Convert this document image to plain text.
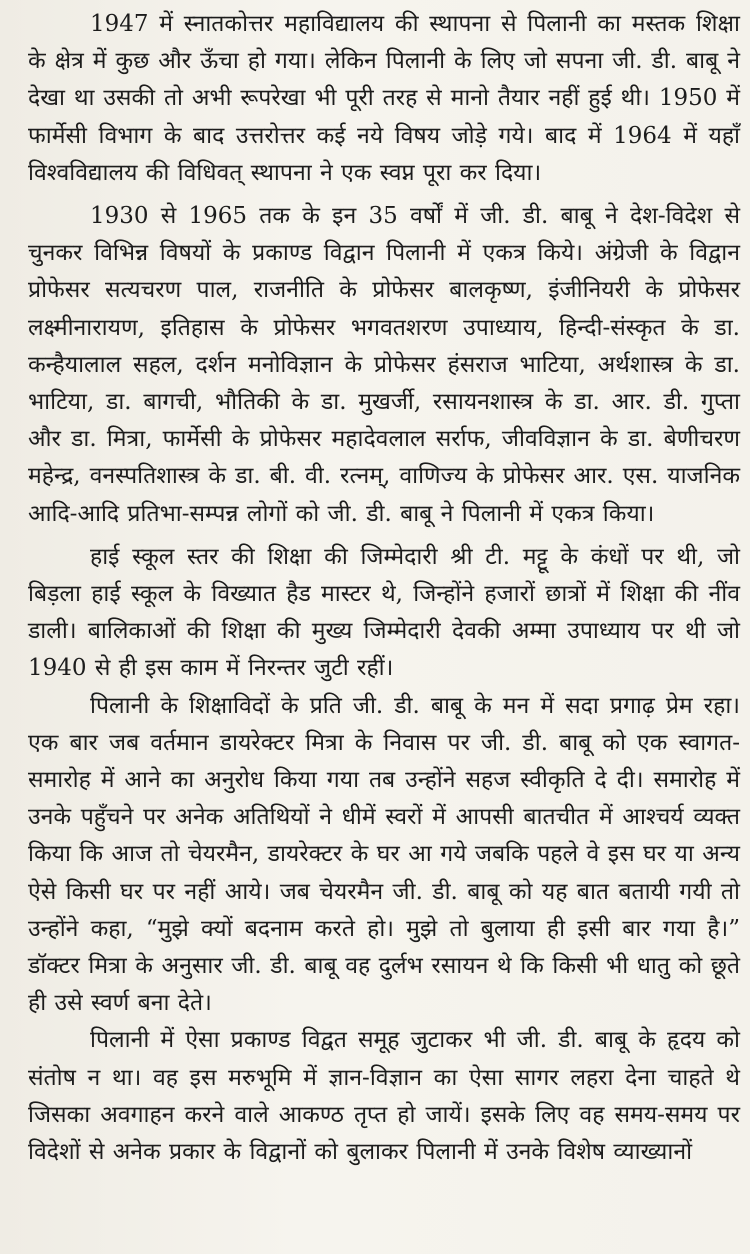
1947 में स्नातकोत्तर महाविद्यालय की स्थापना से पिलानी का मस्तक शिक्षा के क्षेत्र में कुछ और ऊँचा हो गया। लेकिन पिलानी के लिए जो सपना जी. डी. बाबू ने देखा था उसकी तो अभी रूपरेखा भी पूरी तरह से मानो तैयार नहीं हुई थी। 1950 में फार्मेसी विभाग के बाद उत्तरोत्तर कई नये विषय जोड़े गये। बाद में 1964 में यहाँ विश्वविद्यालय की विधिवत् स्थापना ने एक स्वप्न पूरा कर दिया।

1930 से 1965 तक के इन 35 वर्षों में जी. डी. बाबू ने देश-विदेश से चुनकर विभिन्न विषयों के प्रकाण्ड विद्वान पिलानी में एकत्र किये। अंग्रेजी के विद्वान प्रोफेसर सत्यचरण पाल, राजनीति के प्रोफेसर बालकृष्ण, इंजीनियरी के प्रोफेसर लक्ष्मीनारायण, इतिहास के प्रोफेसर भगवतशरण उपाध्याय, हिन्दी-संस्कृत के डा. कन्हैयालाल सहल, दर्शन मनोविज्ञान के प्रोफेसर हंसराज भाटिया, अर्थशास्त्र के डा. भाटिया, डा. बागची, भौतिकी के डा. मुखर्जी, रसायनशास्त्र के डा. आर. डी. गुप्ता और डा. मित्रा, फार्मेसी के प्रोफेसर महादेवलाल सर्राफ, जीवविज्ञान के डा. बेणीचरण महेन्द्र, वनस्पतिशास्त्र के डा. बी. वी. रत्नम्, वाणिज्य के प्रोफेसर आर. एस. याजनिक आदि-आदि प्रतिभा-सम्पन्न लोगों को जी. डी. बाबू ने पिलानी में एकत्र किया।

हाई स्कूल स्तर की शिक्षा की जिम्मेदारी श्री टी. मट्टू के कंधों पर थी, जो बिड़ला हाई स्कूल के विख्यात हैड मास्टर थे, जिन्होंने हजारों छात्रों में शिक्षा की नींव डाली। बालिकाओं की शिक्षा की मुख्य जिम्मेदारी देवकी अम्मा उपाध्याय पर थी जो 1940 से ही इस काम में निरन्तर जुटी रहीं।

पिलानी के शिक्षाविदों के प्रति जी. डी. बाबू के मन में सदा प्रगाढ़ प्रेम रहा। एक बार जब वर्तमान डायरेक्टर मित्रा के निवास पर जी. डी. बाबू को एक स्वागत-समारोह में आने का अनुरोध किया गया तब उन्होंने सहज स्वीकृति दे दी। समारोह में उनके पहुँचने पर अनेक अतिथियों ने धीमें स्वरों में आपसी बातचीत में आश्चर्य व्यक्त किया कि आज तो चेयरमैन, डायरेक्टर के घर आ गये जबकि पहले वे इस घर या अन्य ऐसे किसी घर पर नहीं आये। जब चेयरमैन जी. डी. बाबू को यह बात बतायी गयी तो उन्होंने कहा, “मुझे क्यों बदनाम करते हो। मुझे तो बुलाया ही इसी बार गया है।” डॉक्टर मित्रा के अनुसार जी. डी. बाबू वह दुर्लभ रसायन थे कि किसी भी धातु को छूते ही उसे स्वर्ण बना देते।

पिलानी में ऐसा प्रकाण्ड विद्वत समूह जुटाकर भी जी. डी. बाबू के हृदय को संतोष न था। वह इस मरुभूमि में ज्ञान-विज्ञान का ऐसा सागर लहरा देना चाहते थे जिसका अवगाहन करने वाले आकण्ठ तृप्त हो जायें। इसके लिए वह समय-समय पर विदेशों से अनेक प्रकार के विद्वानों को बुलाकर पिलानी में उनके विशेष व्याख्यानों
